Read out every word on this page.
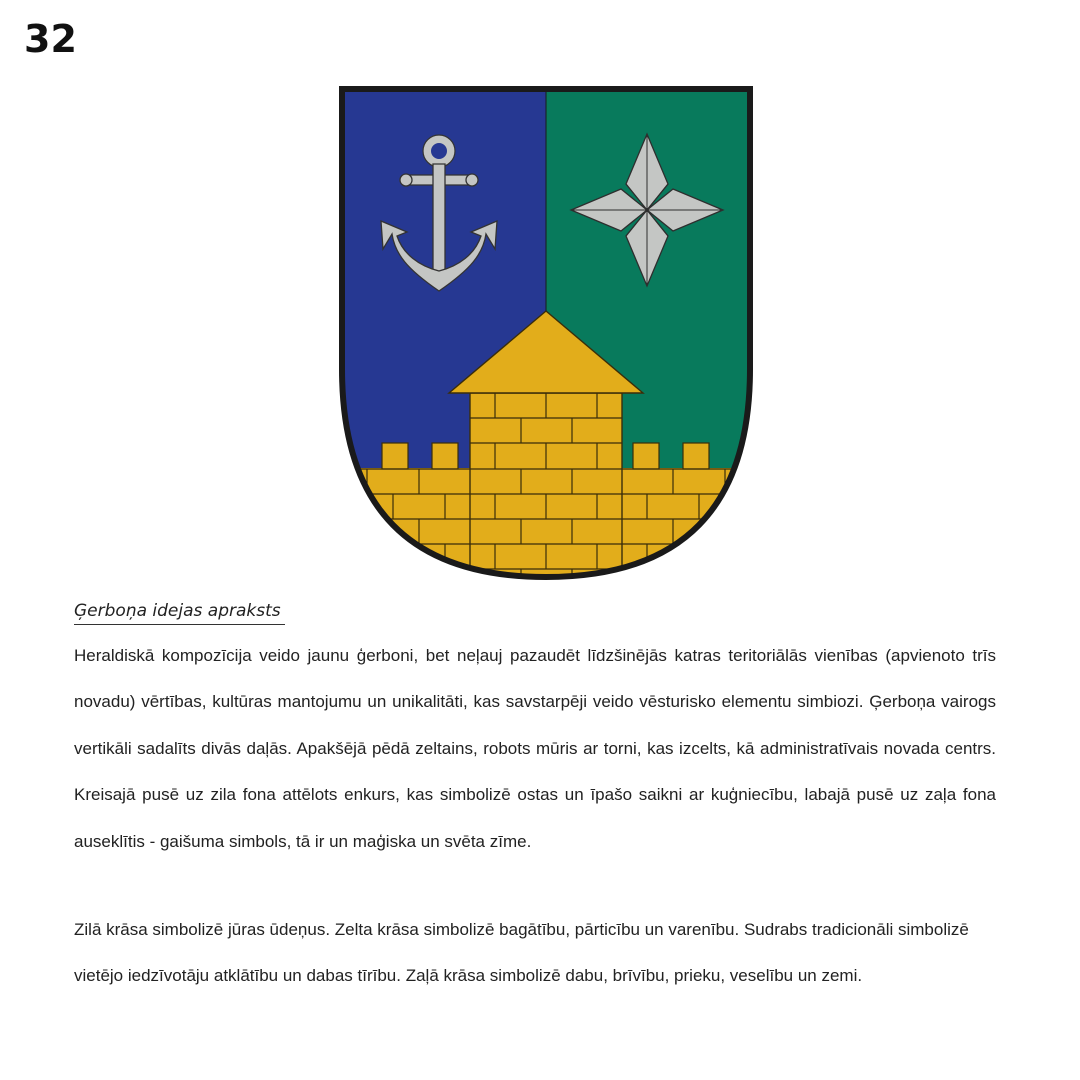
32
Ģerboņa idejas apraksts

Heraldiskā kompozīcija veido jaunu ģerboni, bet neļauj pazaudēt līdzšinējās katras teritoriālās vienības (apvienoto trīs novadu) vērtības, kultūras mantojumu un unikalitāti, kas savstarpēji veido vēsturisko elementu simbiozi. Ģerboņa vairogs vertikāli sadalīts divās daļās. Apakšējā pēdā zeltains, robots mūris ar torni, kas izcelts, kā administratīvais novada centrs. Kreisajā pusē uz zila fona attēlots enkurs, kas simbolizē ostas un īpašo saikni ar kuģniecību, labajā pusē uz zaļa fona auseklītis - gaišuma simbols, tā ir un maģiska un svēta zīme.

Zilā krāsa simbolizē jūras ūdeņus. Zelta krāsa simbolizē bagātību, pārticību un varenību. Sudrabs tradicionāli simbolizē vietējo iedzīvotāju atklātību un dabas tīrību. Zaļā krāsa simbolizē dabu, brīvību, prieku, veselību un zemi.
